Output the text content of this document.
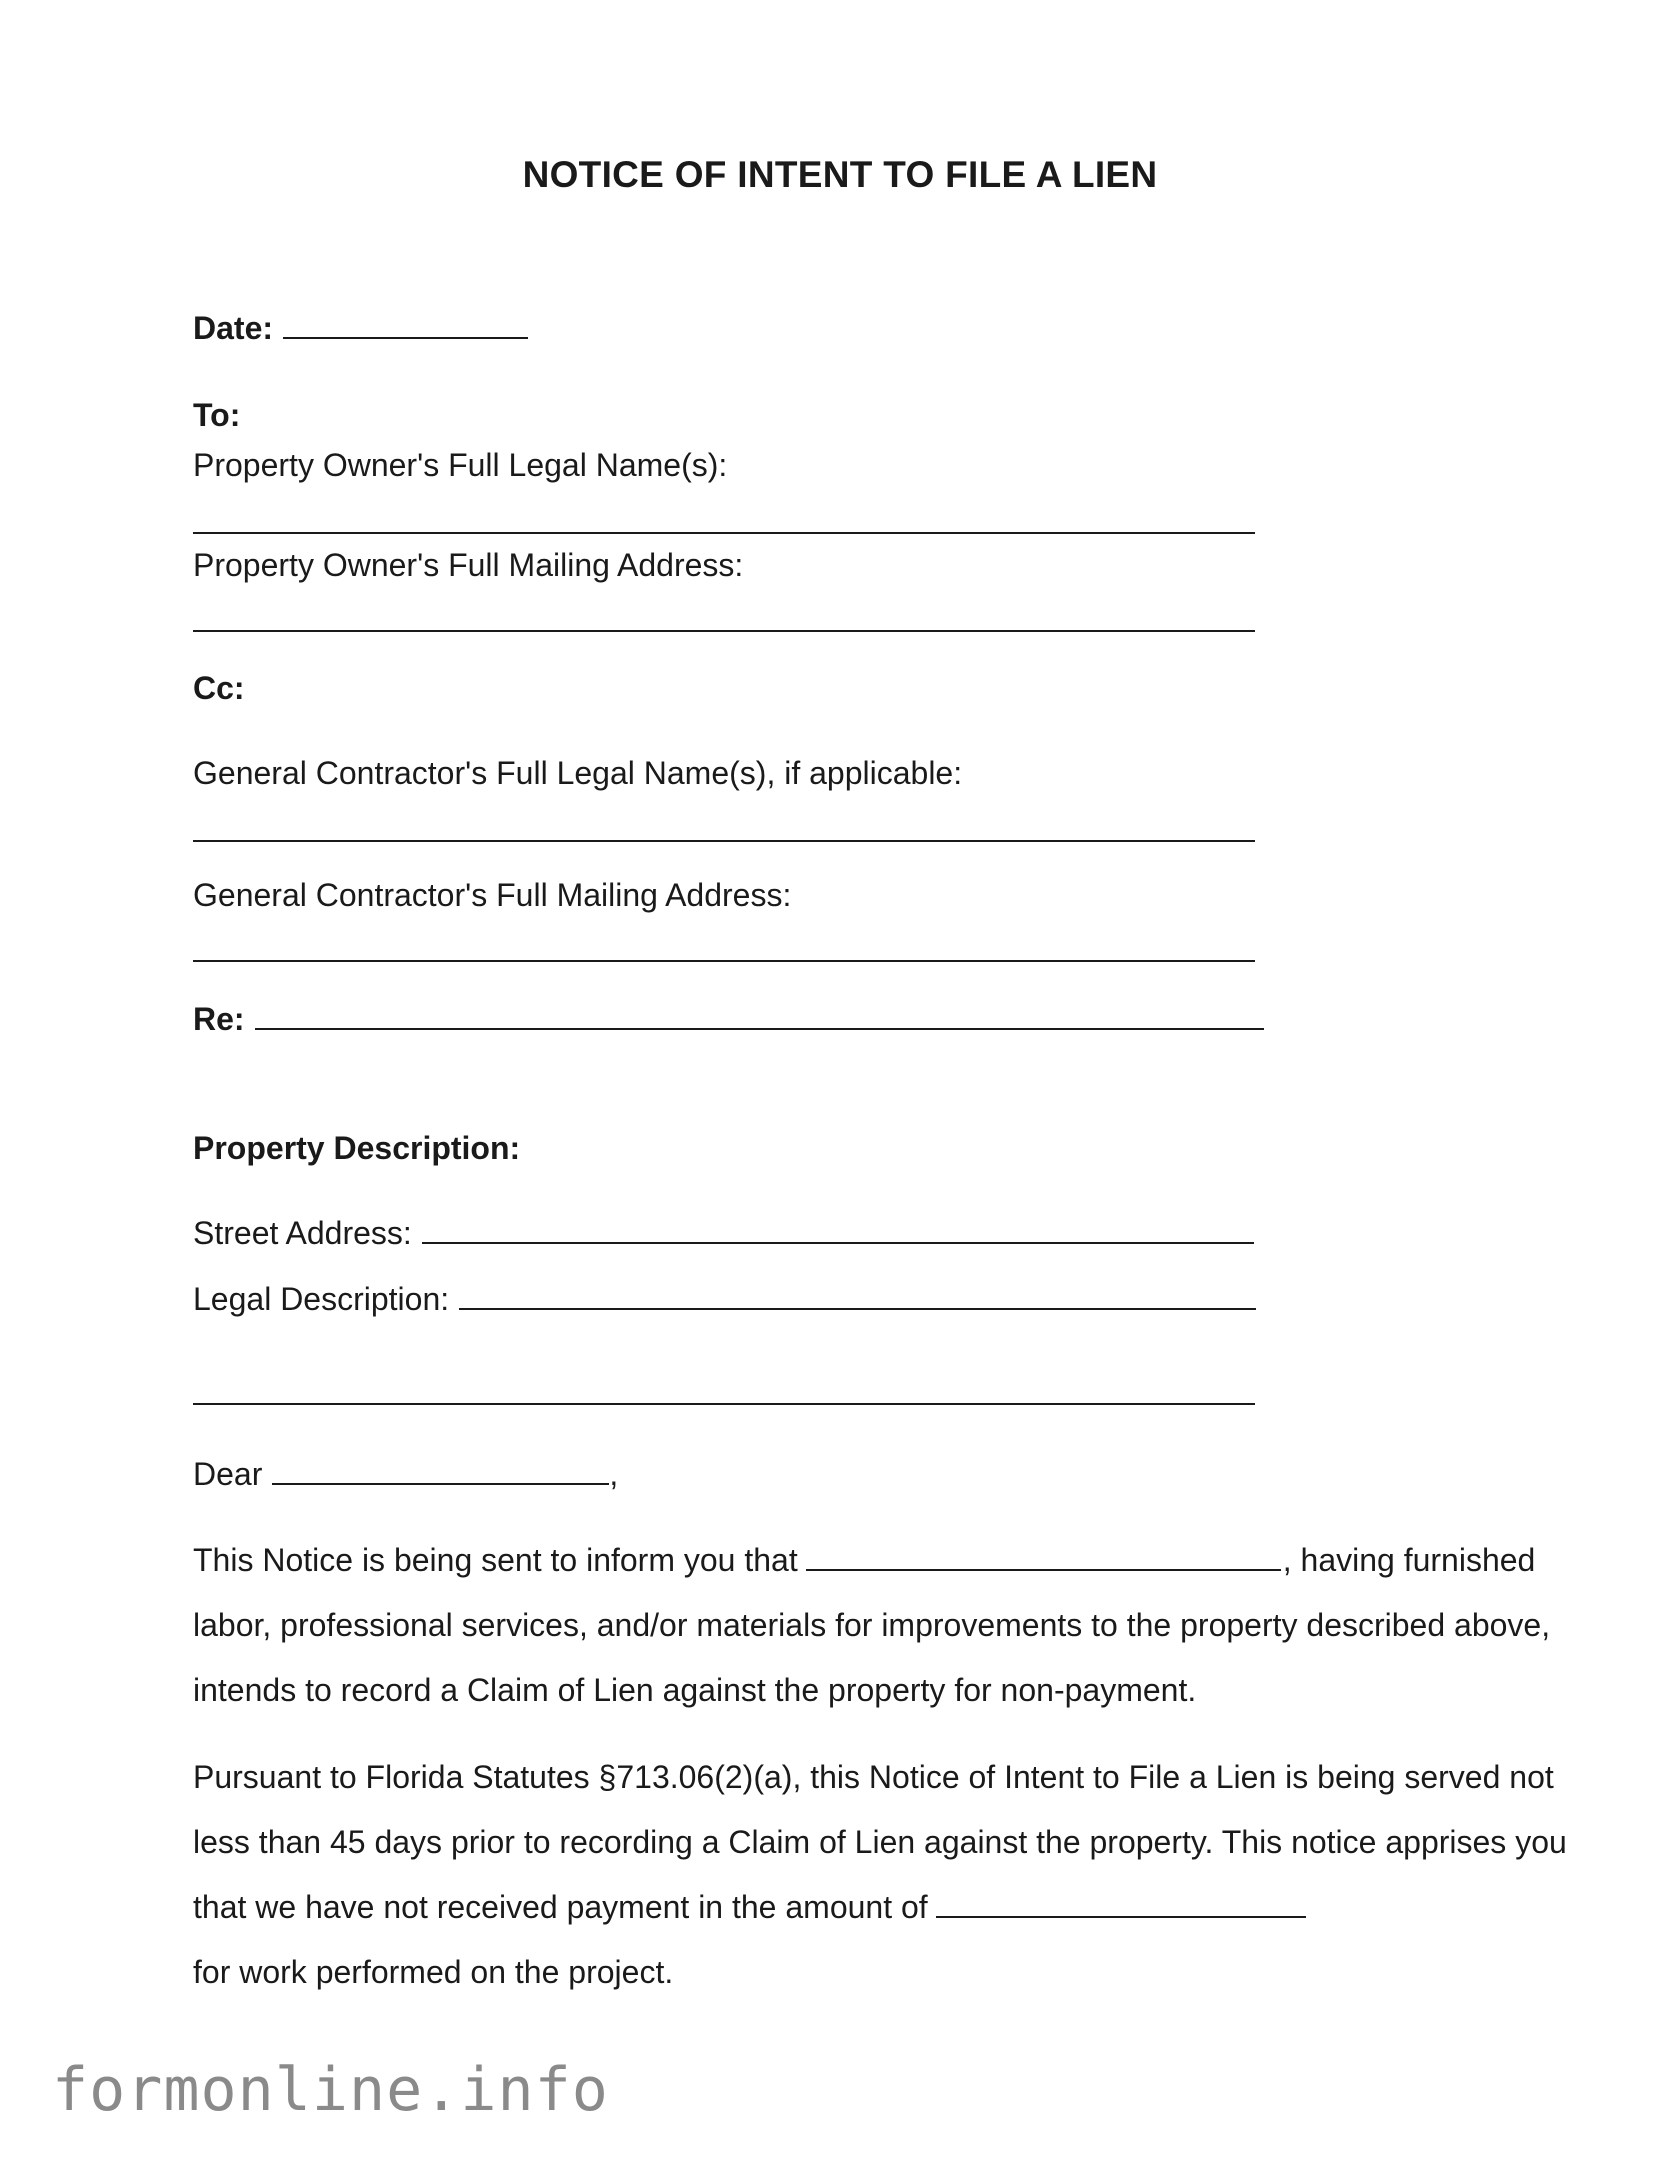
NOTICE OF INTENT TO FILE A LIEN
Date:
To:
Property Owner's Full Legal Name(s):
Property Owner's Full Mailing Address:
Cc:
General Contractor's Full Legal Name(s), if applicable:
General Contractor's Full Mailing Address:
Re:
Property Description:
Street Address:
Legal Description:
Dear	,
This Notice is being sent to inform you that	, having furnished labor, professional services, and/or materials for improvements to the property described above, intends to record a Claim of Lien against the property for non-payment.
Pursuant to Florida Statutes §713.06(2)(a), this Notice of Intent to File a Lien is being served not less than 45 days prior to recording a Claim of Lien against the property. This notice apprises you that we have not received payment in the amount of
for work performed on the project.
formonline.info
